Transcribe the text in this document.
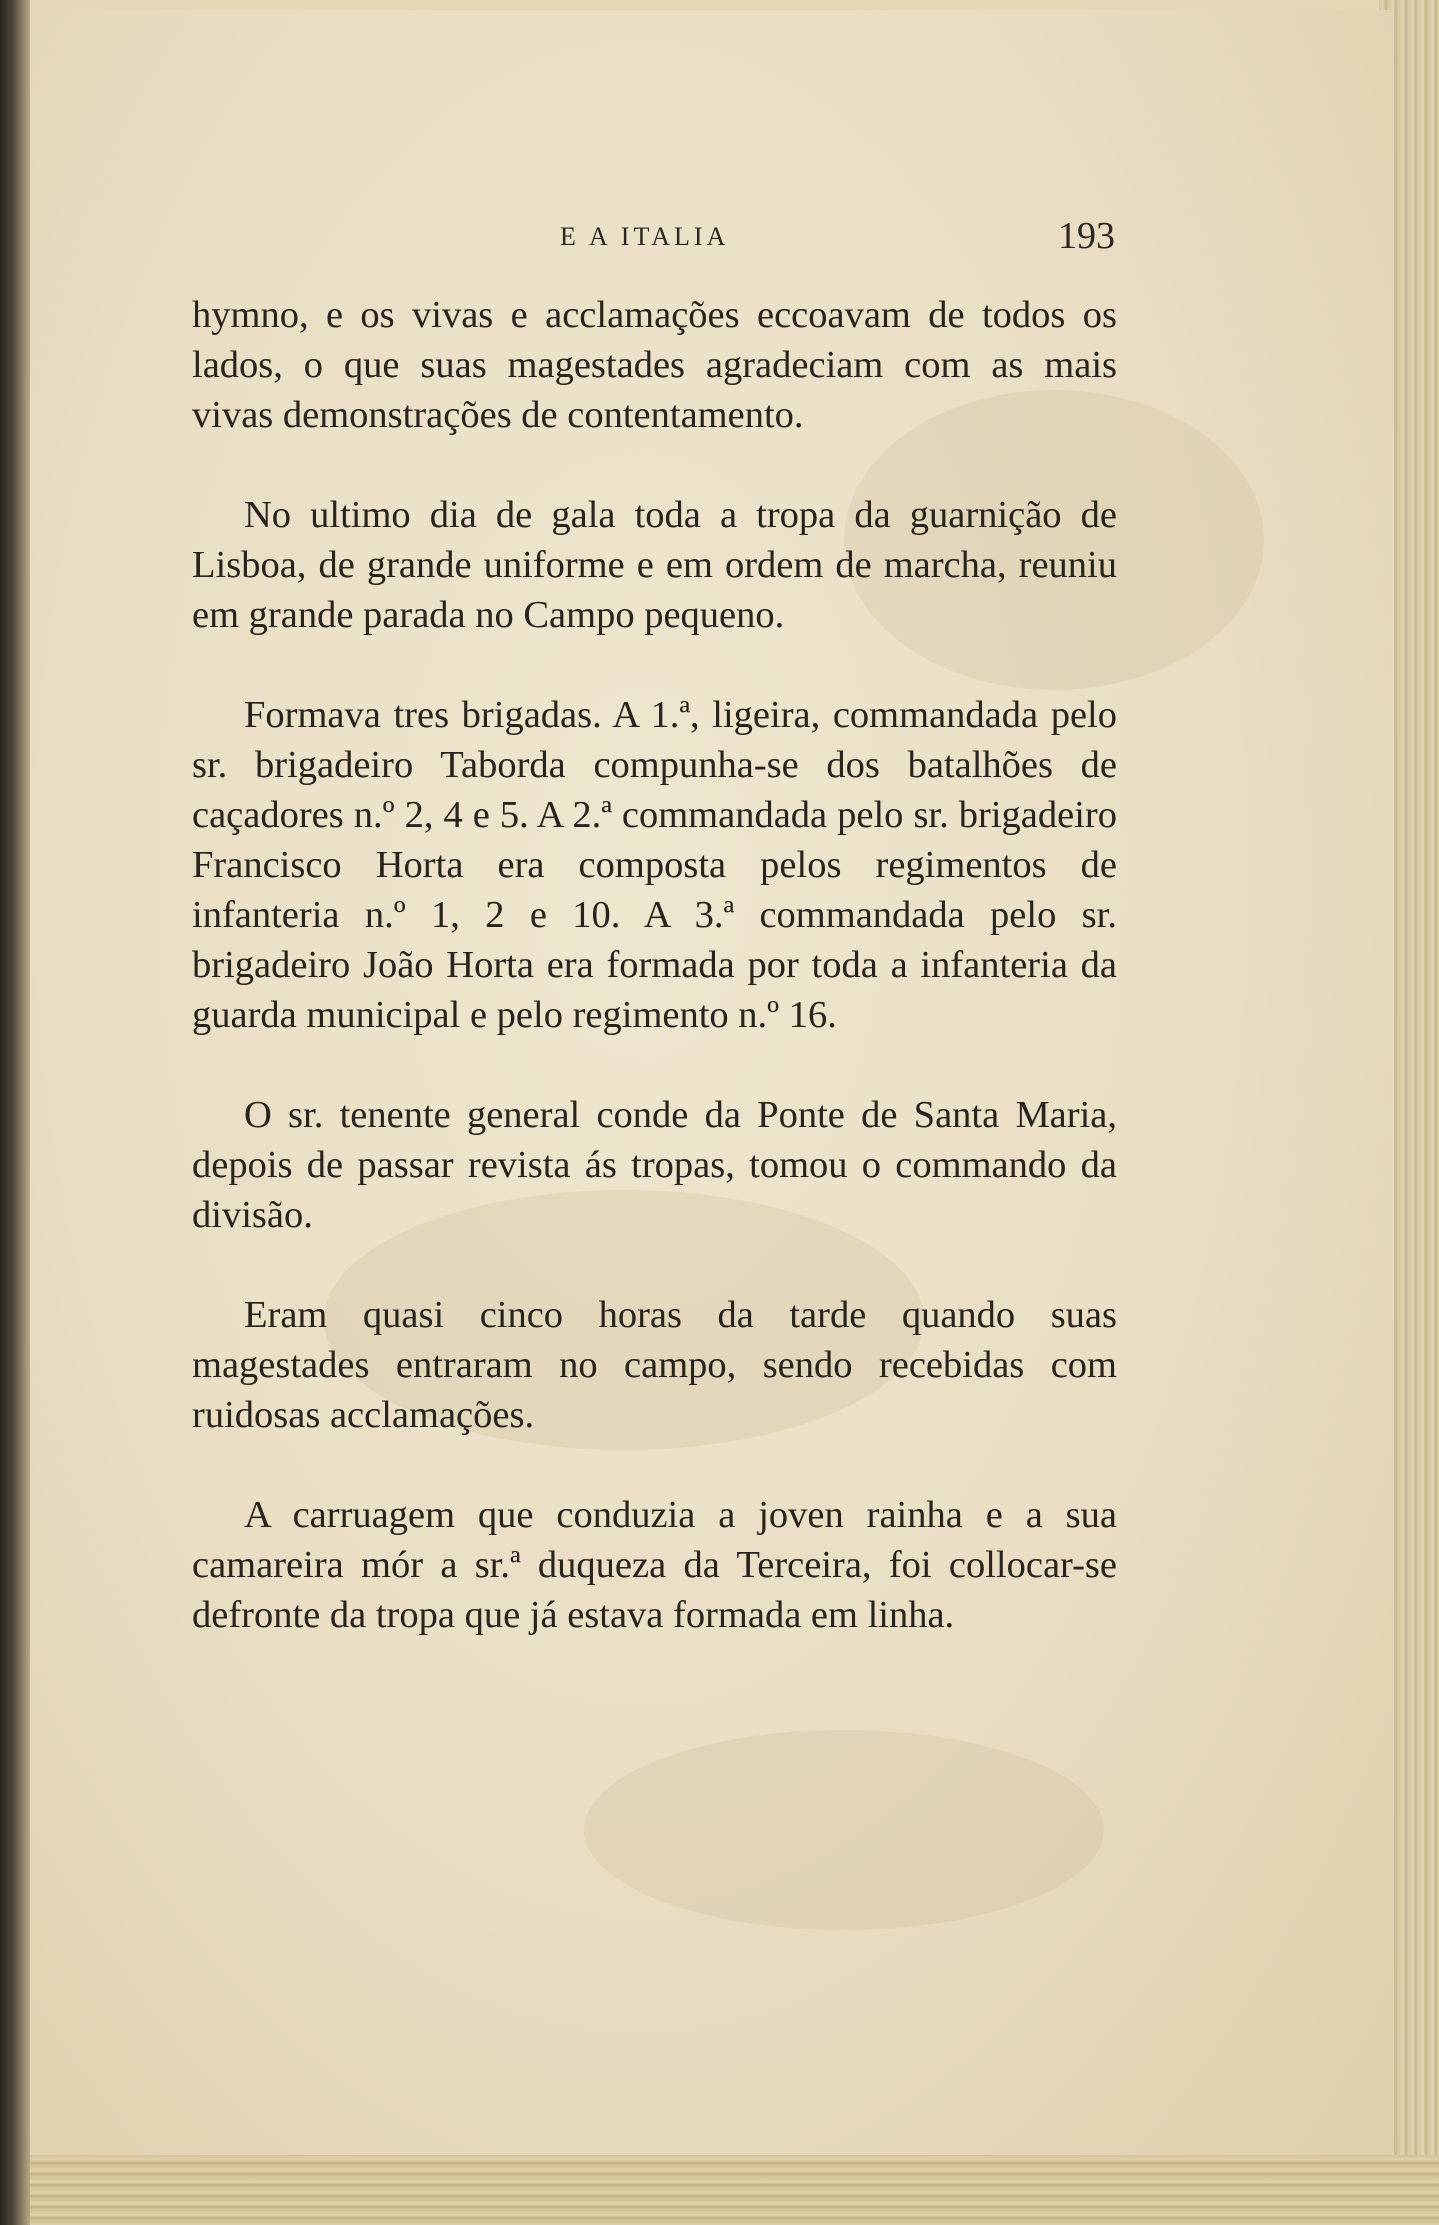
E A ITALIA	193

hymno, e os vivas e acclamações eccoavam de todos os lados, o que suas magestades agradeciam com as mais vivas demonstrações de contentamento.

No ultimo dia de gala toda a tropa da guarnição de Lisboa, de grande uniforme e em ordem de marcha, reuniu em grande parada no Campo pequeno.

Formava tres brigadas. A 1.ª, ligeira, commandada pelo sr. brigadeiro Taborda compunha-se dos batalhões de caçadores n.º 2, 4 e 5. A 2.ª commandada pelo sr. brigadeiro Francisco Horta era composta pelos regimentos de infanteria n.º 1, 2 e 10. A 3.ª commandada pelo sr. brigadeiro João Horta era formada por toda a infanteria da guarda municipal e pelo regimento n.º 16.

O sr. tenente general conde da Ponte de Santa Maria, depois de passar revista ás tropas, tomou o commando da divisão.

Eram quasi cinco horas da tarde quando suas magestades entraram no campo, sendo recebidas com ruidosas acclamações.

A carruagem que conduzia a joven rainha e a sua camareira mór a sr.ª duqueza da Terceira, foi collocar-se defronte da tropa que já estava formada em linha.
